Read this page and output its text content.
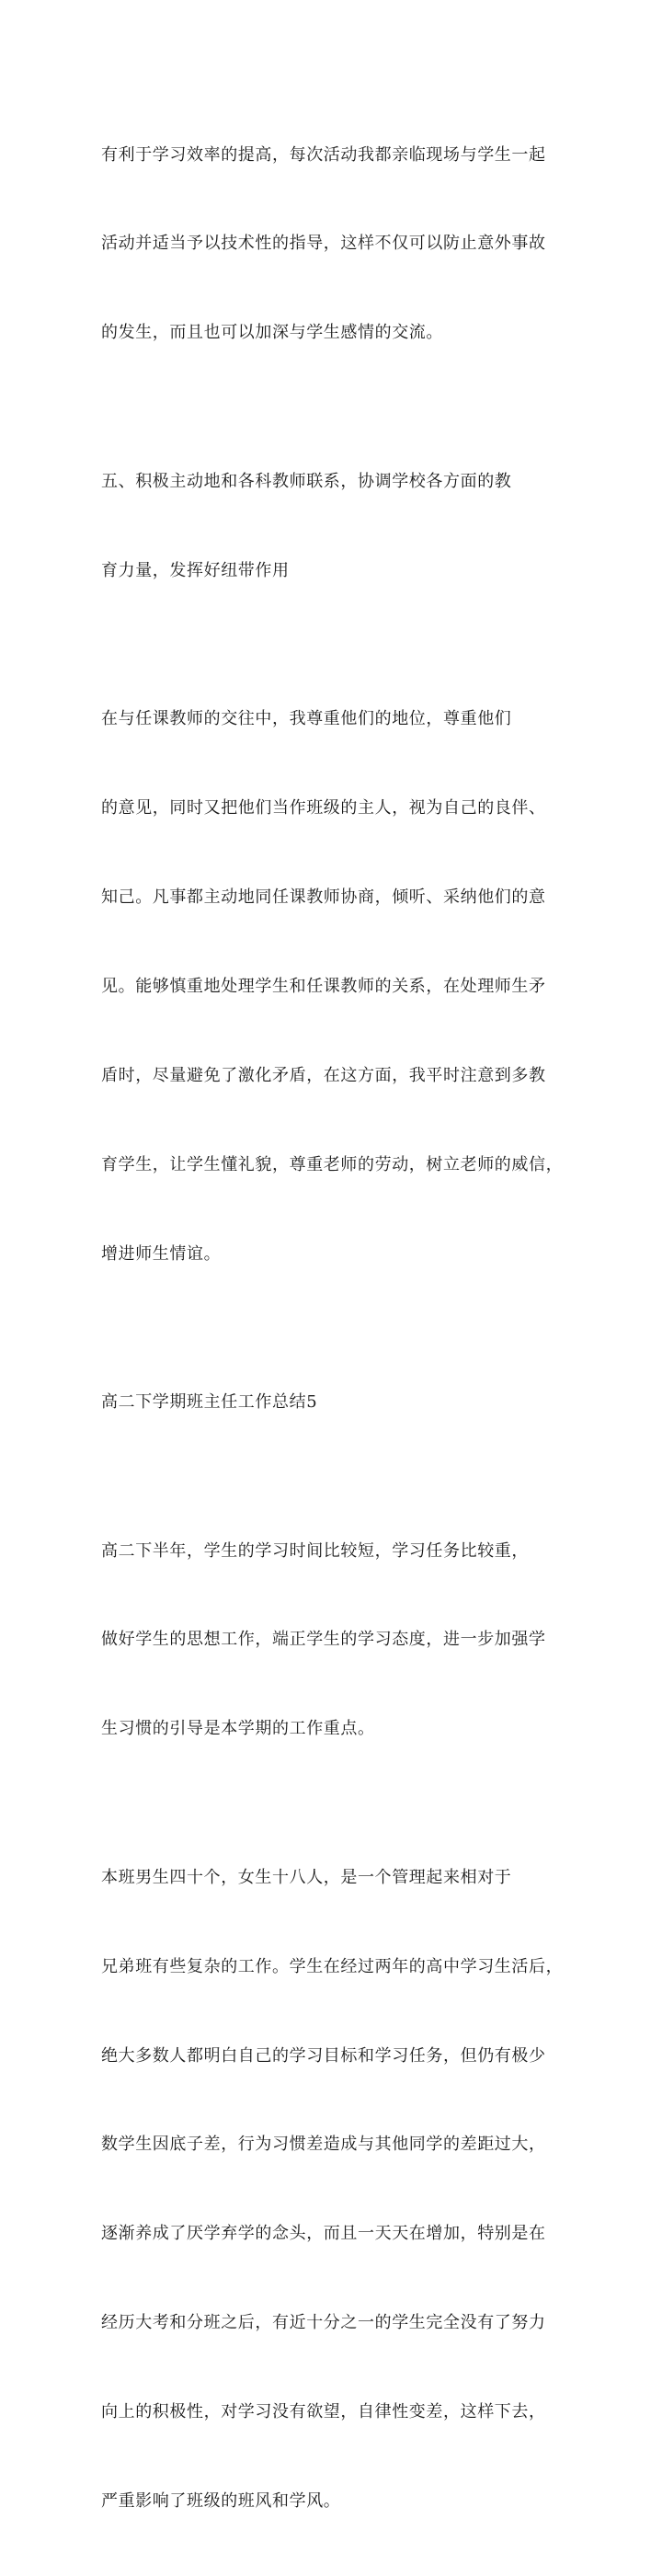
有利于学习效率的提高，每次活动我都亲临现场与学生一起

活动并适当予以技术性的指导，这样不仅可以防止意外事故

的发生，而且也可以加深与学生感情的交流。

五、积极主动地和各科教师联系，协调学校各方面的教

育力量，发挥好纽带作用

在与任课教师的交往中，我尊重他们的地位，尊重他们

的意见，同时又把他们当作班级的主人，视为自己的良伴、

知己。凡事都主动地同任课教师协商，倾听、采纳他们的意

见。能够慎重地处理学生和任课教师的关系，在处理师生矛

盾时，尽量避免了激化矛盾，在这方面，我平时注意到多教

育学生，让学生懂礼貌，尊重老师的劳动，树立老师的威信，

增进师生情谊。

高二下学期班主任工作总结5

高二下半年，学生的学习时间比较短，学习任务比较重，

做好学生的思想工作，端正学生的学习态度，进一步加强学

生习惯的引导是本学期的工作重点。

本班男生四十个，女生十八人，是一个管理起来相对于

兄弟班有些复杂的工作。学生在经过两年的高中学习生活后，

绝大多数人都明白自己的学习目标和学习任务，但仍有极少

数学生因底子差，行为习惯差造成与其他同学的差距过大，

逐渐养成了厌学弃学的念头，而且一天天在增加，特别是在

经历大考和分班之后，有近十分之一的学生完全没有了努力

向上的积极性，对学习没有欲望，自律性变差，这样下去，

严重影响了班级的班风和学风。
